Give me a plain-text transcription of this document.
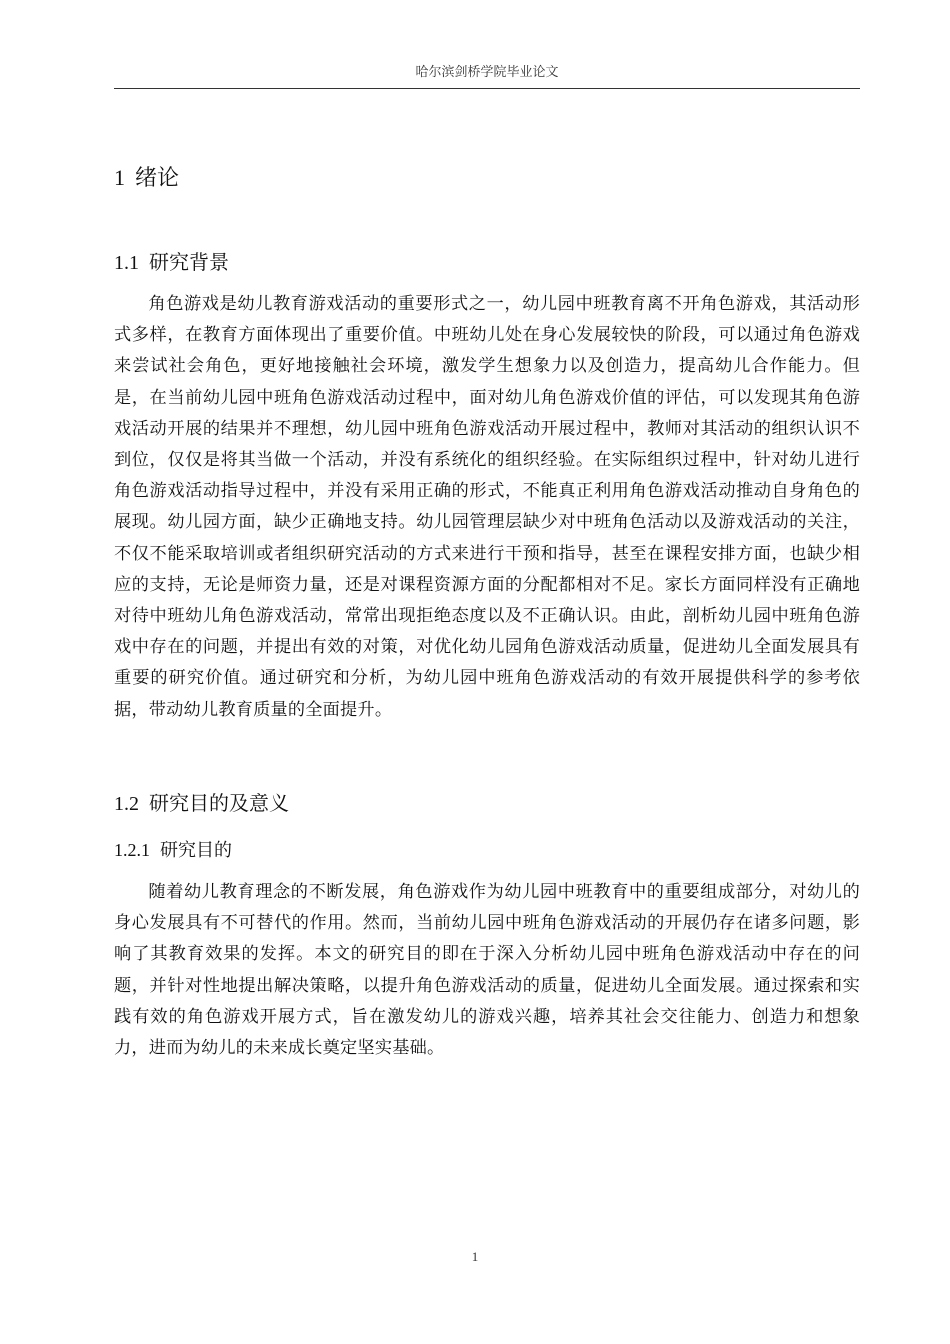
哈尔滨剑桥学院毕业论文
1 绪论
1.1 研究背景

角色游戏是幼儿教育游戏活动的重要形式之一，幼儿园中班教育离不开角色游戏，其活动形式多样，在教育方面体现出了重要价值。中班幼儿处在身心发展较快的阶段，可以通过角色游戏来尝试社会角色，更好地接触社会环境，激发学生想象力以及创造力，提高幼儿合作能力。但是，在当前幼儿园中班角色游戏活动过程中，面对幼儿角色游戏价值的评估，可以发现其角色游戏活动开展的结果并不理想，幼儿园中班角色游戏活动开展过程中，教师对其活动的组织认识不到位，仅仅是将其当做一个活动，并没有系统化的组织经验。在实际组织过程中，针对幼儿进行角色游戏活动指导过程中，并没有采用正确的形式，不能真正利用角色游戏活动推动自身角色的展现。幼儿园方面，缺少正确地支持。幼儿园管理层缺少对中班角色活动以及游戏活动的关注，不仅不能采取培训或者组织研究活动的方式来进行干预和指导，甚至在课程安排方面，也缺少相应的支持，无论是师资力量，还是对课程资源方面的分配都相对不足。家长方面同样没有正确地对待中班幼儿角色游戏活动，常常出现拒绝态度以及不正确认识。由此，剖析幼儿园中班角色游戏中存在的问题，并提出有效的对策，对优化幼儿园角色游戏活动质量，促进幼儿全面发展具有重要的研究价值。通过研究和分析，为幼儿园中班角色游戏活动的有效开展提供科学的参考依据，带动幼儿教育质量的全面提升。

1.2 研究目的及意义
1.2.1 研究目的

随着幼儿教育理念的不断发展，角色游戏作为幼儿园中班教育中的重要组成部分，对幼儿的身心发展具有不可替代的作用。然而，当前幼儿园中班角色游戏活动的开展仍存在诸多问题，影响了其教育效果的发挥。本文的研究目的即在于深入分析幼儿园中班角色游戏活动中存在的问题，并针对性地提出解决策略，以提升角色游戏活动的质量，促进幼儿全面发展。通过探索和实践有效的角色游戏开展方式，旨在激发幼儿的游戏兴趣，培养其社会交往能力、创造力和想象力，进而为幼儿的未来成长奠定坚实基础。

1
